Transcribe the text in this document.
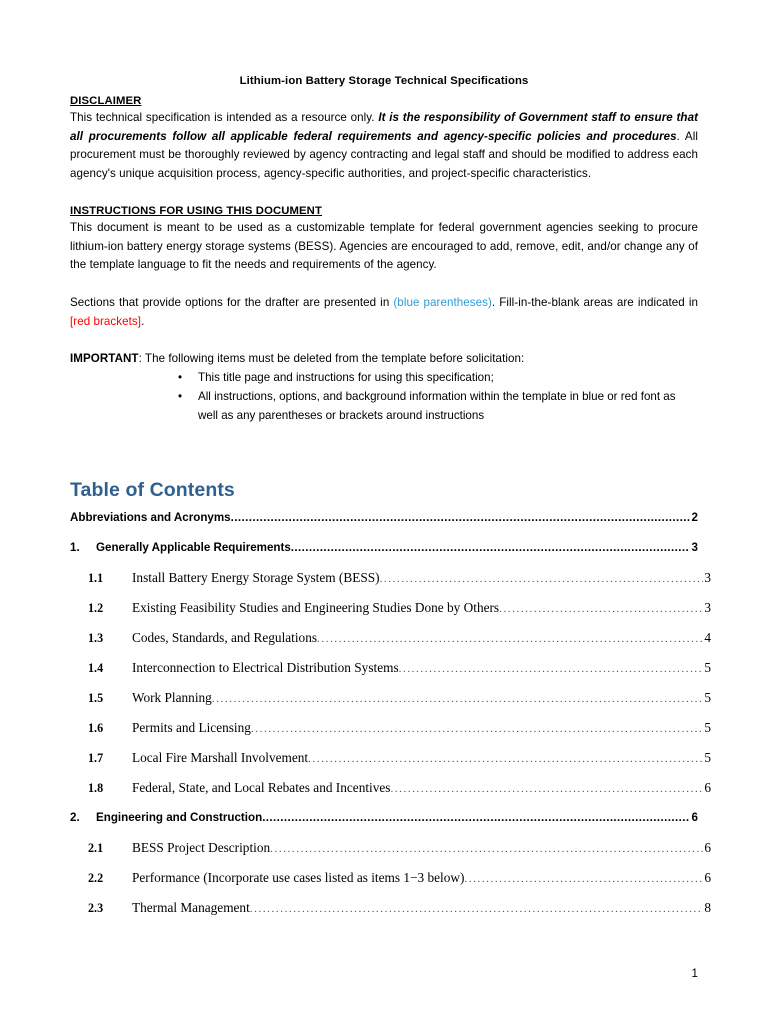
Lithium-ion Battery Storage Technical Specifications
DISCLAIMER

This technical specification is intended as a resource only. It is the responsibility of Government staff to ensure that all procurements follow all applicable federal requirements and agency-specific policies and procedures. All procurement must be thoroughly reviewed by agency contracting and legal staff and should be modified to address each agency's unique acquisition process, agency-specific authorities, and project-specific characteristics.

INSTRUCTIONS FOR USING THIS DOCUMENT

This document is meant to be used as a customizable template for federal government agencies seeking to procure lithium-ion battery energy storage systems (BESS). Agencies are encouraged to add, remove, edit, and/or change any of the template language to fit the needs and requirements of the agency.

Sections that provide options for the drafter are presented in (blue parentheses). Fill-in-the-blank areas are indicated in [red brackets].

IMPORTANT: The following items must be deleted from the template before solicitation:

• This title page and instructions for using this specification;
• All instructions, options, and background information within the template in blue or red font as well as any parentheses or brackets around instructions
Table of Contents
Abbreviations and Acronyms .....	2
1.	Generally Applicable Requirements .....	3
1.1	Install Battery Energy Storage System (BESS) .....	3
1.2	Existing Feasibility Studies and Engineering Studies Done by Others .....	3
1.3	Codes, Standards, and Regulations .....	4
1.4	Interconnection to Electrical Distribution Systems .....	5
1.5	Work Planning .....	5
1.6	Permits and Licensing .....	5
1.7	Local Fire Marshall Involvement .....	5
1.8	Federal, State, and Local Rebates and Incentives .....	6
2.	Engineering and Construction .....	6
2.1	BESS Project Description .....	6
2.2	Performance (Incorporate use cases listed as items 1−3 below) .....	6
2.3	Thermal Management .....	8
1
